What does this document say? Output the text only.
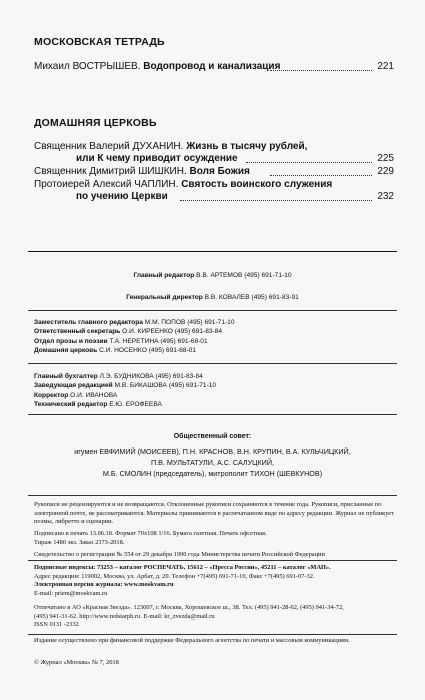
МОСКОВСКАЯ ТЕТРАДЬ
Михаил ВОСТРЫШЕВ. Водопровод и канализация	221
ДОМАШНЯЯ ЦЕРКОВЬ
Священник Валерий ДУХАНИН. Жизнь в тысячу рублей,
или К чему приводит осуждение	225
Священник Димитрий ШИШКИН. Воля Божия	229
Протоиерей Алексий ЧАПЛИН. Святость воинского служения
по учению Церкви	232
Главный редактор В.В. АРТЕМОВ (495) 691-71-10
Генеральный директор В.В. КОВАЛЕВ (495) 691-83-91
Заместитель главного редактора М.М. ПОПОВ (495) 691-71-10
Ответственный секретарь О.И. КИРЕЕНКО (495) 691-83-84
Отдел прозы и поэзии Т.А. НЕРЕТИНА (495) 691-68-01
Домашняя церковь С.И. НОСЕНКО (495) 691-68-01
Главный бухгалтер Л.Э. БУДНИКОВА (495) 691-83-84
Заведующая редакцией М.В. БИКАШОВА (495) 691-71-10
Корректор О.И. ИВАНОВА
Технический редактор Е.Ю. ЕРОФЕЕВА
Общественный совет:
игумен ЕВФИМИЙ (МОИСЕЕВ), П.Н. КРАСНОВ, В.Н. КРУПИН, В.А. КУЛЬЧИЦКИЙ,
П.В. МУЛЬТАТУЛИ, А.С. САЛУЦКИЙ,
М.Б. СМОЛИН (председатель), митрополит ТИХОН (ШЕВКУНОВ)
Рукописи не рецензируются и не возвращаются. Отклоненные рукописи сохраняются в течение года. Рукописи, присланные по электронной почте, не рассматриваются. Материалы принимаются в распечатанном виде по адресу редакции. Журнал не публикует поэмы, либретто и сценарии.
Подписано в печать 13.06.18. Формат 70х108 1/16. Бумага газетная. Печать офсетная.
Тираж 1480 экз. Заказ 2373-2018.
Свидетельство о регистрации № 554 от 29 декабря 1990 года Министерства печати Российской Федерации
Подписные индексы: 73253 – каталог РОСПЕЧАТЬ, 15612 – «Пресса России», 45211 – каталог «МАП».
Адрес редакции: 119002, Москва, ул. Арбат, д. 20. Телефон +7(495) 691-71-10, Факс +7(495) 691-07-32.
Электронная версия журнала: www.moskvam.ru
E-mail: priem@moskvam.ru
Отпечатано в АО «Красная Звезда». 123007, г. Москва, Хорошевское ш., 38. Тел. (495) 941-28-62, (495) 941-34-72,
(495) 941-31-62. http://www.redstarph.ru. E-mail: kr_zvezda@mail.ru
ISSN 0131 -2332
Издание осуществлено при финансовой поддержке Федерального агентства по печати и массовым коммуникациям.
© Журнал «Москва» № 7, 2018
